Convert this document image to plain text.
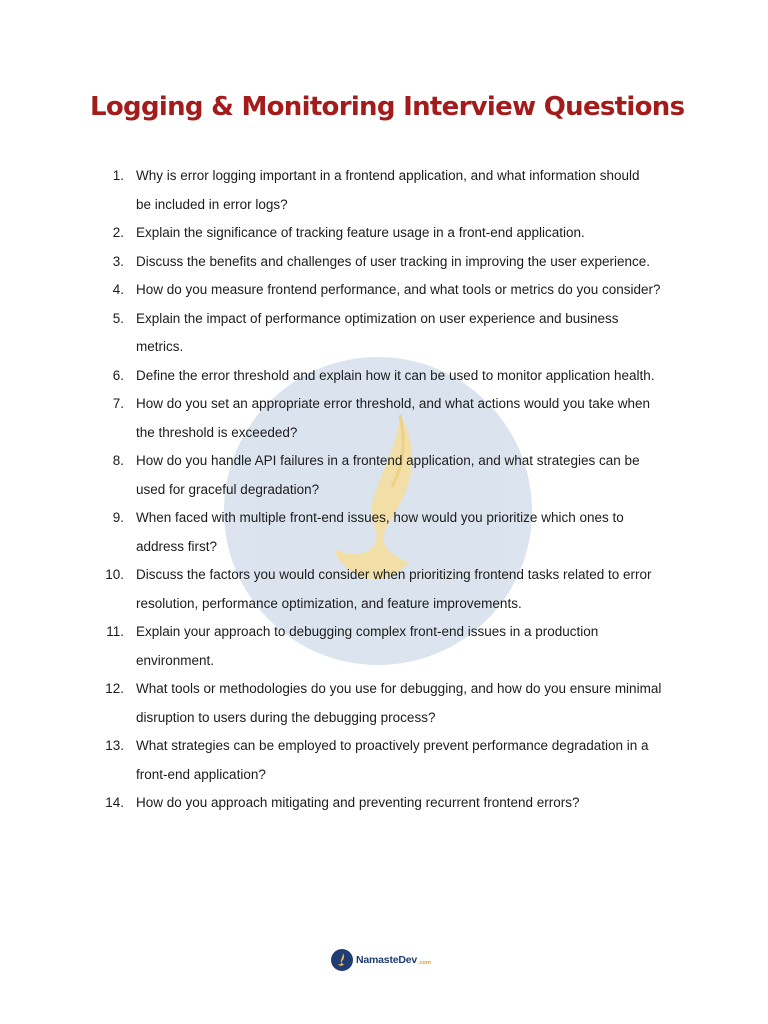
Logging & Monitoring Interview Questions
1. Why is error logging important in a frontend application, and what information should
be included in error logs?
2. Explain the significance of tracking feature usage in a front-end application.
3. Discuss the benefits and challenges of user tracking in improving the user experience.
4. How do you measure frontend performance, and what tools or metrics do you consider?
5. Explain the impact of performance optimization on user experience and business
metrics.
6. Define the error threshold and explain how it can be used to monitor application health.
7. How do you set an appropriate error threshold, and what actions would you take when
the threshold is exceeded?
8. How do you handle API failures in a frontend application, and what strategies can be
used for graceful degradation?
9. When faced with multiple front-end issues, how would you prioritize which ones to
address first?
10. Discuss the factors you would consider when prioritizing frontend tasks related to error
resolution, performance optimization, and feature improvements.
11. Explain your approach to debugging complex front-end issues in a production
environment.
12. What tools or methodologies do you use for debugging, and how do you ensure minimal
disruption to users during the debugging process?
13. What strategies can be employed to proactively prevent performance degradation in a
front-end application?
14. How do you approach mitigating and preventing recurrent frontend errors?
NamasteDev .com
